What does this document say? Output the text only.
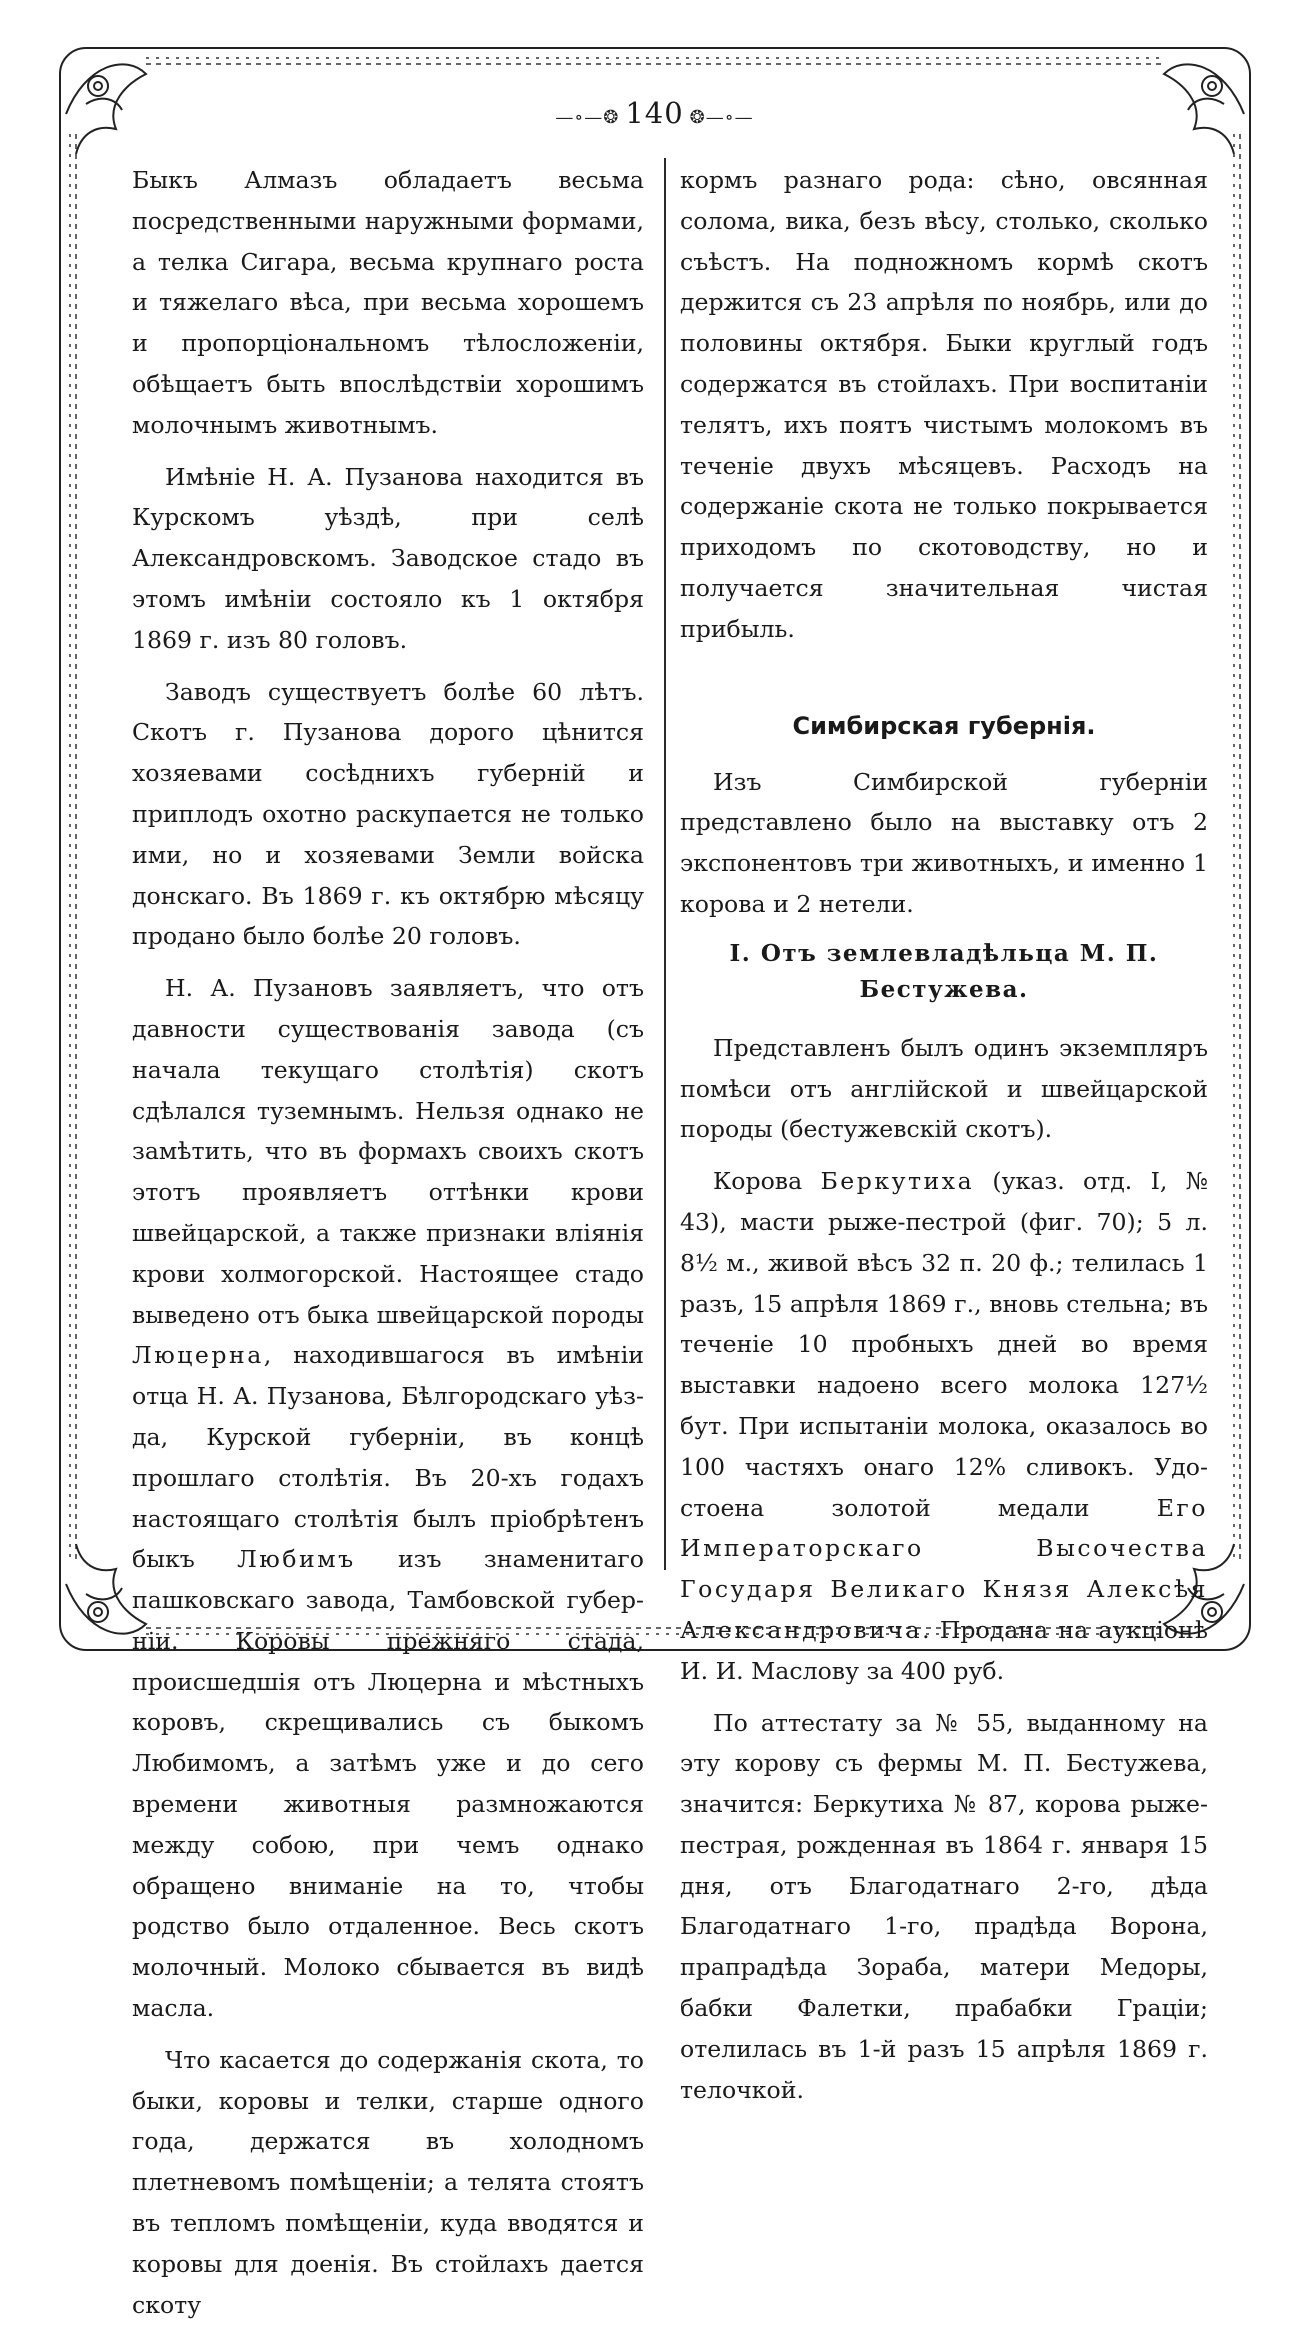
—∘—❂ 140 ❂—∘—

Быкъ Алмазъ обладаетъ весьма посредственными наружными формами, а телка Сигара, весьма крупнаго роста и тяжелаго вѣса, при весьма хорошемъ и пропорціональномъ тѣлосложеніи, обѣщаетъ быть впослѣдствіи хорошимъ молочнымъ животнымъ.

Имѣніе Н. А. Пузанова находится въ Курскомъ уѣздѣ, при селѣ Александровскомъ. Заводское стадо въ этомъ имѣніи состояло къ 1 октября 1869 г. изъ 80 головъ.

Заводъ существуетъ болѣе 60 лѣтъ. Скотъ г. Пузанова дорого цѣнится хозяевами сосѣднихъ губерній и приплодъ охотно раскупается не только ими, но и хозяевами Земли войска донскаго. Въ 1869 г. къ октябрю мѣсяцу продано было болѣе 20 головъ.

Н. А. Пузановъ заявляетъ, что отъ давности существованія завода (съ начала текущаго столѣтія) скотъ сдѣлался туземнымъ. Нельзя однако не замѣтить, что въ формахъ своихъ скотъ этотъ проявляетъ оттѣнки крови швейцарской, а также признаки вліянія крови холмогорской. Настоящее стадо выведено отъ быка швейцарской породы Люцерна, находившагося въ имѣніи отца Н. А. Пузанова, Бѣлгородскаго уѣзда, Курской губерніи, въ концѣ прошлаго столѣтія. Въ 20-хъ годахъ настоящаго столѣтія былъ пріобрѣтенъ быкъ Любимъ изъ знаменитаго пашковскаго завода, Тамбовской губерніи. Коровы прежняго стада, происшедшія отъ Люцерна и мѣстныхъ коровъ, скрещивались съ быкомъ Любимомъ, а затѣмъ уже и до сего времени животныя размножаются между собою, при чемъ однако обращено вниманіе на то, чтобы родство было отдаленное. Весь скотъ молочный. Молоко сбывается въ видѣ масла.

Что касается до содержанія скота, то быки, коровы и телки, старше одного года, держатся въ холодномъ плетневомъ помѣщеніи; а телята стоятъ въ тепломъ помѣщеніи, куда вводятся и коровы для доенія. Въ стойлахъ дается скоту

кормъ разнаго рода: сѣно, овсянная солома, вика, безъ вѣсу, столько, сколько съѣстъ. На подножномъ кормѣ скотъ держится съ 23 апрѣля по ноябрь, или до половины октября. Быки круглый годъ содержатся въ стойлахъ. При воспитаніи телятъ, ихъ поятъ чистымъ молокомъ въ теченіе двухъ мѣсяцевъ. Расходъ на содержаніе скота не только покрывается приходомъ по скотоводству, но и получается значительная чистая прибыль.

Симбирская губернія.

Изъ Симбирской губерніи представлено было на выставку отъ 2 экспонентовъ три животныхъ, и именно 1 корова и 2 нетели.

I. Отъ землевладѣльца М. П. Бестужева.

Представленъ былъ одинъ экземпляръ помѣси отъ англійской и швейцарской породы (бестужевскій скотъ).

Корова Беркутиха (указ. отд. I, № 43), масти рыже-пестрой (фиг. 70); 5 л. 8½ м., живой вѣсъ 32 п. 20 ф.; телилась 1 разъ, 15 апрѣля 1869 г., вновь стельна; въ теченіе 10 пробныхъ дней во время выставки надоено всего молока 127½ бут. При испытаніи молока, оказалось во 100 частяхъ онаго 12% сливокъ. Удостоена золотой медали Его Императорскаго Высочества Государя Великаго Князя Алексѣя Александровича. Продана на аукціонѣ И. И. Маслову за 400 руб.

По аттестату за № 55, выданному на эту корову съ фермы М. П. Бестужева, значится: Беркутиха № 87, корова рыже-пестрая, рожденная въ 1864 г. января 15 дня, отъ Благодатнаго 2-го, дѣда Благодатнаго 1-го, прадѣда Ворона, прапрадѣда Зораба, матери Медоры, бабки Фалетки, прабабки Граціи; отелилась въ 1-й разъ 15 апрѣля 1869 г. телочкой.
